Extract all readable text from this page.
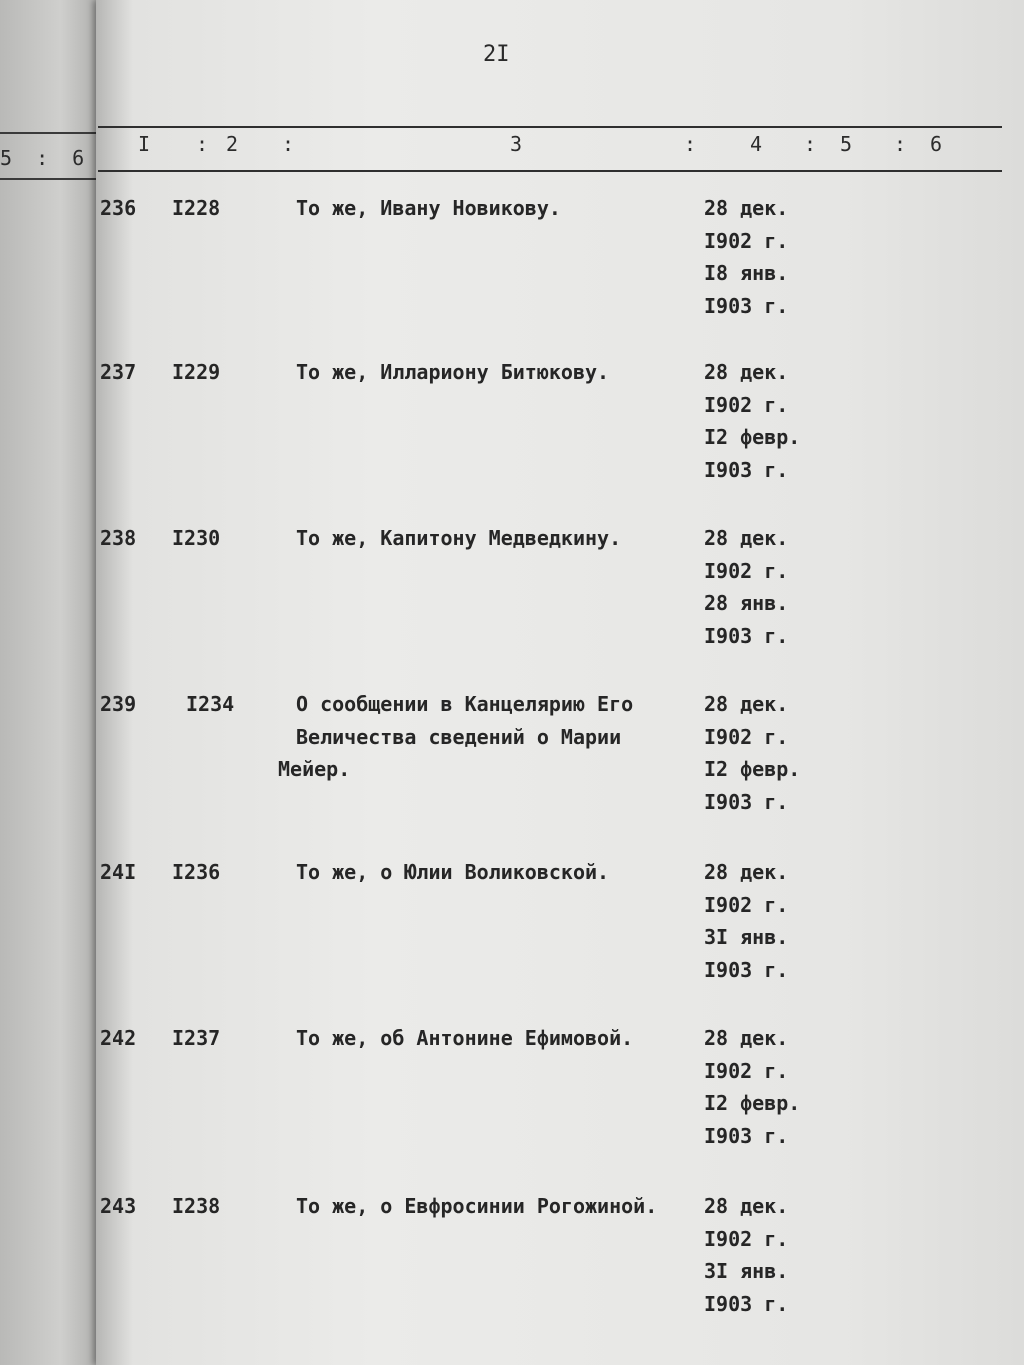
5 : 6
2I
I : 2 :	3	:	4 : 5 : 6
236 I228	То же, Ивану Новикову.	28 дек.
I902 г.
I8 янв.
I903 г.
237 I229	То же, Иллариону Битюкову.	28 дек.
I902 г.
I2 февр.
I903 г.
238 I230	То же, Капитону Медведкину.	28 дек.
I902 г.
28 янв.
I903 г.
239 I234	О сообщении в Канцелярию Его
Величества сведений о Марии
Мейер.
28 дек.
I902 г.
I2 февр.
I903 г.
24I I236	То же, о Юлии Воликовской.	28 дек.
I902 г.
3I янв.
I903 г.
242 I237	То же, об Антонине Ефимовой.	28 дек.
I902 г.
I2 февр.
I903 г.
243 I238	То же, о Евфросинии Рогожиной. 28 дек.
I902 г.
3I янв.
I903 г.
